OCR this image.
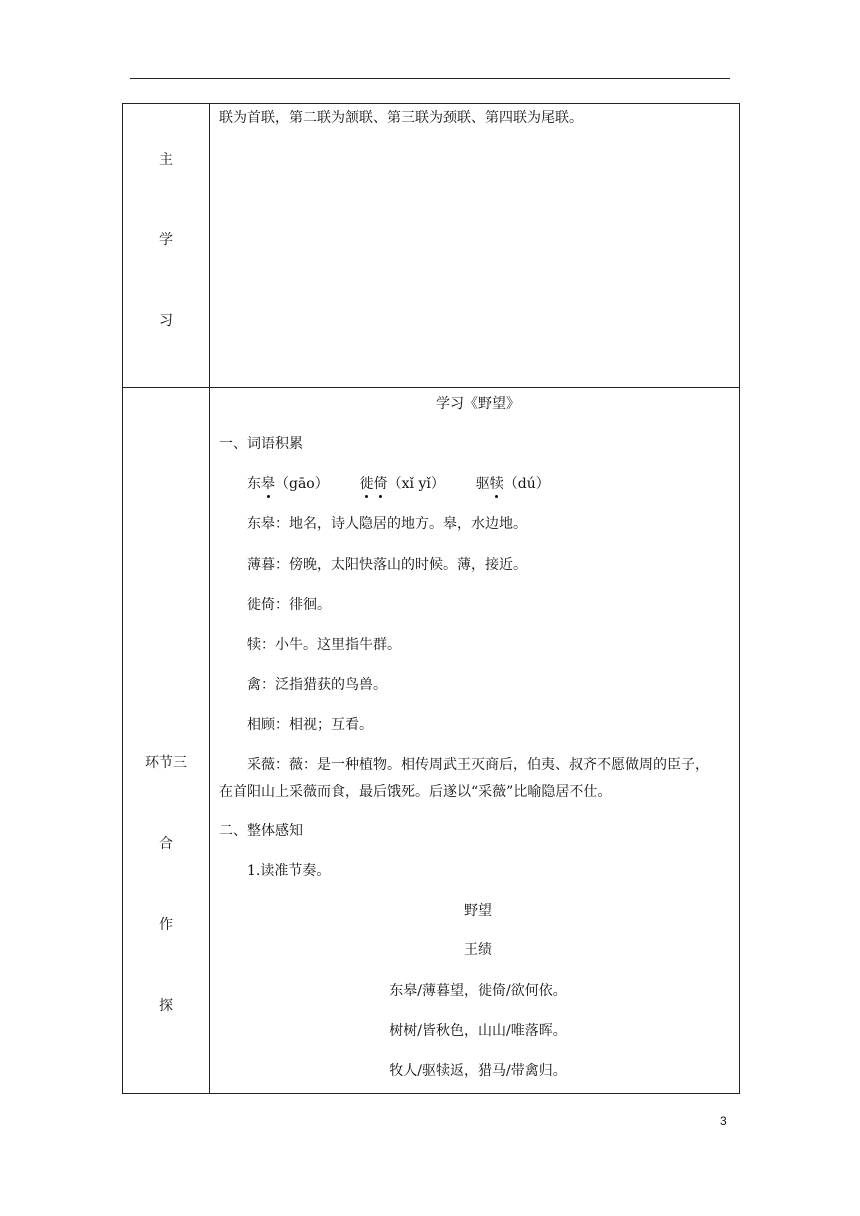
主
学
习
联为首联，第二联为颔联、第三联为颈联、第四联为尾联。
环节三
合
作
探
学习《野望》
一、词语积累
东皋（gāo） 徙倚（xǐ yǐ） 驱犊（dú）
东皋：地名，诗人隐居的地方。皋，水边地。
薄暮：傍晚，太阳快落山的时候。薄，接近。
徙倚：徘徊。
犊：小牛。这里指牛群。
禽：泛指猎获的鸟兽。
相顾：相视；互看。
采薇：薇：是一种植物。相传周武王灭商后，伯夷、叔齐不愿做周的臣子，
在首阳山上采薇而食，最后饿死。后遂以“采薇”比喻隐居不仕。
二、整体感知
1.读准节奏。
野望
王绩
东皋/薄暮望，徙倚/欲何依。
树树/皆秋色，山山/唯落晖。
牧人/驱犊返，猎马/带禽归。
3
